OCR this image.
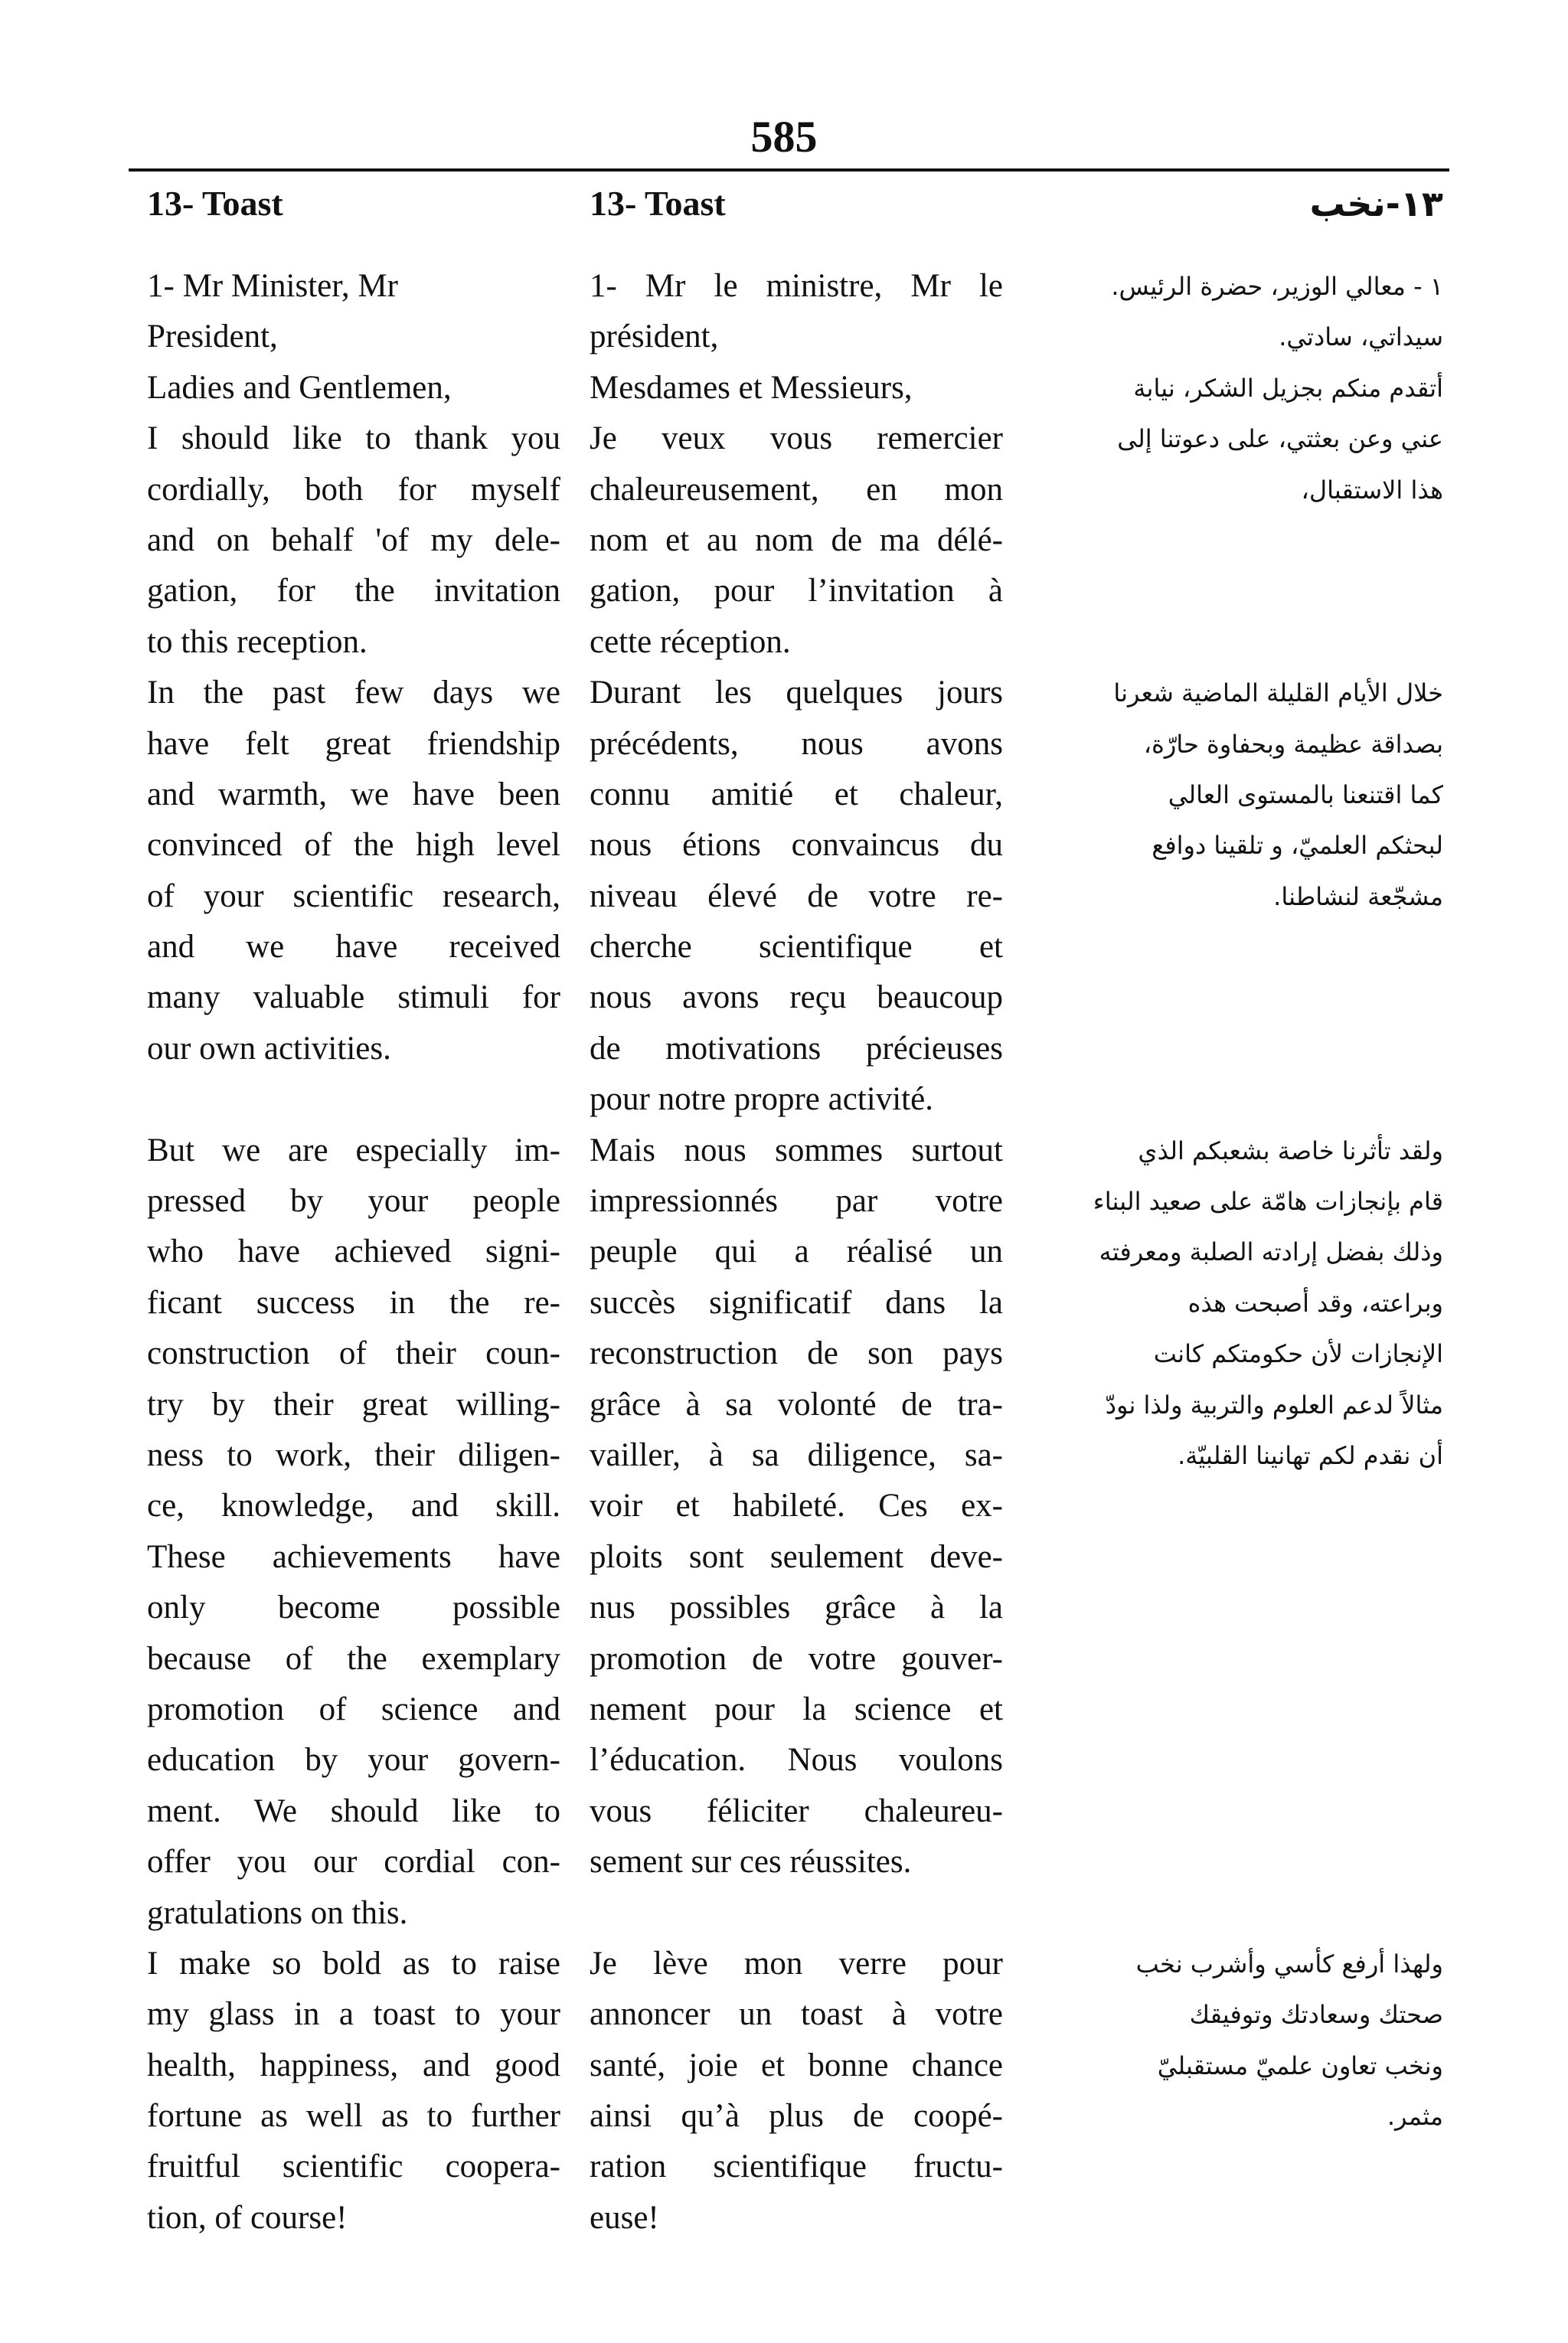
585
13- Toast
1- Mr Minister, Mr
President,
Ladies and Gentlemen,
I should like to thank you
cordially, both for myself
and on behalf 'of my dele-
gation, for the invitation
to this reception.
In the past few days we
have felt great friendship
and warmth, we have been
convinced of the high level
of your scientific research,
and we have received
many valuable stimuli for
our own activities.
But we are especially im-
pressed by your people
who have achieved signi-
ficant success in the re-
construction of their coun-
try by their great willing-
ness to work, their diligen-
ce, knowledge, and skill.
These achievements have
only become possible
because of the exemplary
promotion of science and
education by your govern-
ment. We should like to
offer you our cordial con-
gratulations on this.
I make so bold as to raise
my glass in a toast to your
health, happiness, and good
fortune as well as to further
fruitful scientific coopera-
tion, of course!
13- Toast
1- Mr le ministre, Mr le
président,
Mesdames et Messieurs,
Je veux vous remercier
chaleureusement, en mon
nom et au nom de ma délé-
gation, pour l’invitation à
cette réception.
Durant les quelques jours
précédents, nous avons
connu amitié et chaleur,
nous étions convaincus du
niveau élevé de votre re-
cherche scientifique et
nous avons reçu beaucoup
de motivations précieuses
pour notre propre activité.
Mais nous sommes surtout
impressionnés par votre
peuple qui a réalisé un
succès significatif dans la
reconstruction de son pays
grâce à sa volonté de tra-
vailler, à sa diligence, sa-
voir et habileté. Ces ex-
ploits sont seulement deve-
nus possibles grâce à la
promotion de votre gouver-
nement pour la science et
l’éducation. Nous voulons
vous féliciter chaleureu-
sement sur ces réussites.
Je lève mon verre pour
annoncer un toast à votre
santé, joie et bonne chance
ainsi qu’à plus de coopé-
ration scientifique fructu-
euse!
١٣-نخب
١ - معالي الوزير، حضرة الرئيس.
سيداتي، سادتي.
أتقدم منكم بجزيل الشكر، نيابة
عني وعن بعثتي، على دعوتنا إلى
هذا الاستقبال،
خلال الأيام القليلة الماضية شعرنا
بصداقة عظيمة وبحفاوة حارّة،
كما اقتنعنا بالمستوى العالي
لبحثكم العلميّ، و تلقينا دوافع
مشجّعة لنشاطنا.
ولقد تأثرنا خاصة بشعبكم الذي
قام بإنجازات هامّة على صعيد البناء
وذلك بفضل إرادته الصلبة ومعرفته
وبراعته، وقد أصبحت هذه
الإنجازات لأن حكومتكم كانت
مثالاً لدعم العلوم والتربية ولذا نودّ
أن نقدم لكم تهانينا القلبيّة.
ولهذا أرفع كأسي وأشرب نخب
صحتك وسعادتك وتوفيقك
ونخب تعاون علميّ مستقبليّ
مثمر.
